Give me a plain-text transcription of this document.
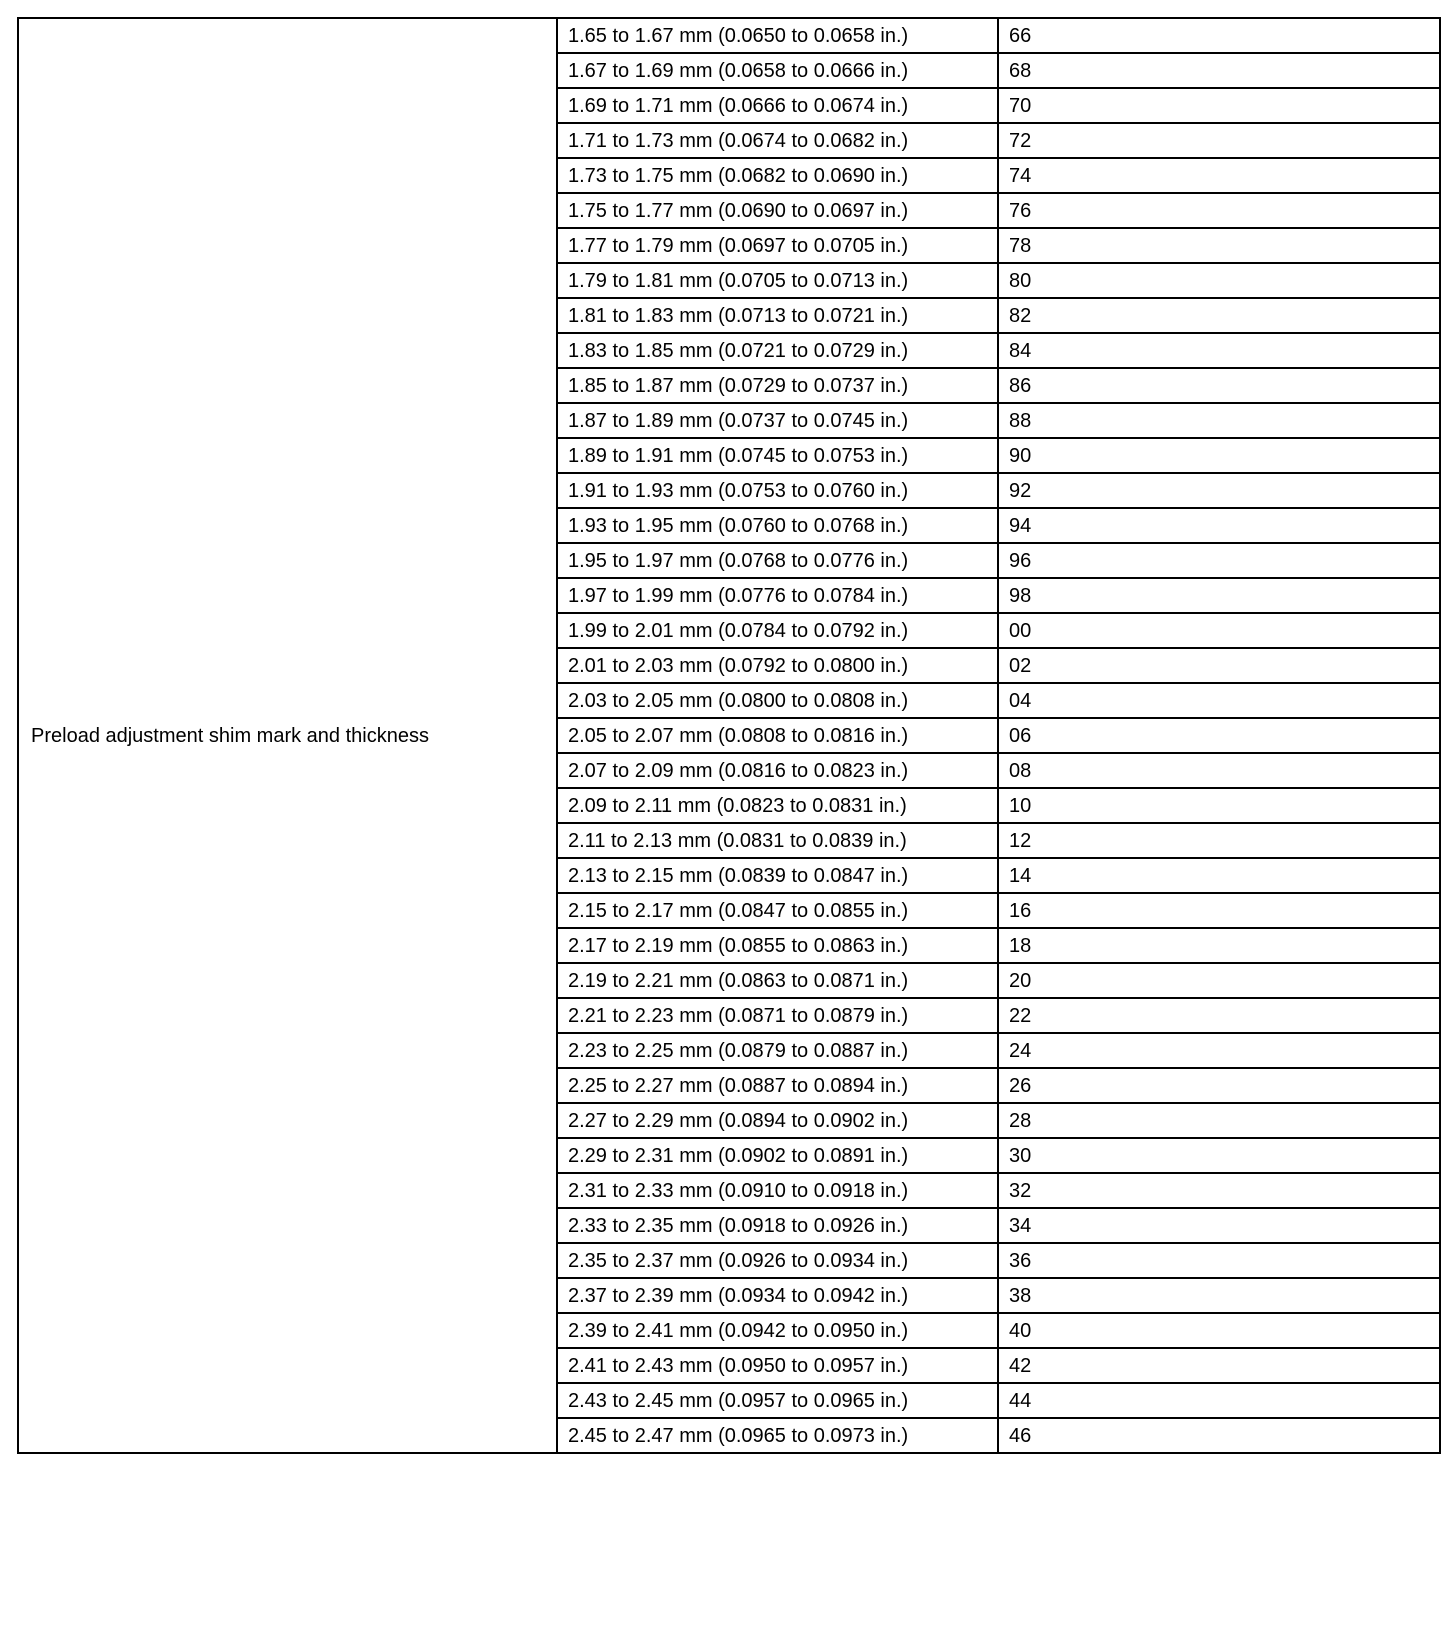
Preload adjustment shim mark and thickness	1.65 to 1.67 mm (0.0650 to 0.0658 in.)	66
	1.67 to 1.69 mm (0.0658 to 0.0666 in.)	68
	1.69 to 1.71 mm (0.0666 to 0.0674 in.)	70
	1.71 to 1.73 mm (0.0674 to 0.0682 in.)	72
	1.73 to 1.75 mm (0.0682 to 0.0690 in.)	74
	1.75 to 1.77 mm (0.0690 to 0.0697 in.)	76
	1.77 to 1.79 mm (0.0697 to 0.0705 in.)	78
	1.79 to 1.81 mm (0.0705 to 0.0713 in.)	80
	1.81 to 1.83 mm (0.0713 to 0.0721 in.)	82
	1.83 to 1.85 mm (0.0721 to 0.0729 in.)	84
	1.85 to 1.87 mm (0.0729 to 0.0737 in.)	86
	1.87 to 1.89 mm (0.0737 to 0.0745 in.)	88
	1.89 to 1.91 mm (0.0745 to 0.0753 in.)	90
	1.91 to 1.93 mm (0.0753 to 0.0760 in.)	92
	1.93 to 1.95 mm (0.0760 to 0.0768 in.)	94
	1.95 to 1.97 mm (0.0768 to 0.0776 in.)	96
	1.97 to 1.99 mm (0.0776 to 0.0784 in.)	98
	1.99 to 2.01 mm (0.0784 to 0.0792 in.)	00
	2.01 to 2.03 mm (0.0792 to 0.0800 in.)	02
	2.03 to 2.05 mm (0.0800 to 0.0808 in.)	04
	2.05 to 2.07 mm (0.0808 to 0.0816 in.)	06
	2.07 to 2.09 mm (0.0816 to 0.0823 in.)	08
	2.09 to 2.11 mm (0.0823 to 0.0831 in.)	10
	2.11 to 2.13 mm (0.0831 to 0.0839 in.)	12
	2.13 to 2.15 mm (0.0839 to 0.0847 in.)	14
	2.15 to 2.17 mm (0.0847 to 0.0855 in.)	16
	2.17 to 2.19 mm (0.0855 to 0.0863 in.)	18
	2.19 to 2.21 mm (0.0863 to 0.0871 in.)	20
	2.21 to 2.23 mm (0.0871 to 0.0879 in.)	22
	2.23 to 2.25 mm (0.0879 to 0.0887 in.)	24
	2.25 to 2.27 mm (0.0887 to 0.0894 in.)	26
	2.27 to 2.29 mm (0.0894 to 0.0902 in.)	28
	2.29 to 2.31 mm (0.0902 to 0.0891 in.)	30
	2.31 to 2.33 mm (0.0910 to 0.0918 in.)	32
	2.33 to 2.35 mm (0.0918 to 0.0926 in.)	34
	2.35 to 2.37 mm (0.0926 to 0.0934 in.)	36
	2.37 to 2.39 mm (0.0934 to 0.0942 in.)	38
	2.39 to 2.41 mm (0.0942 to 0.0950 in.)	40
	2.41 to 2.43 mm (0.0950 to 0.0957 in.)	42
	2.43 to 2.45 mm (0.0957 to 0.0965 in.)	44
	2.45 to 2.47 mm (0.0965 to 0.0973 in.)	46
